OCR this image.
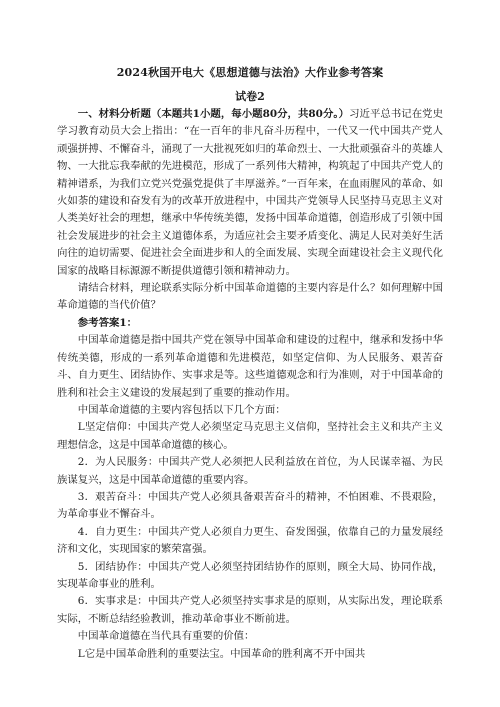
2024秋国开电大《思想道德与法治》大作业参考答案

试卷2

一、材料分析题（本题共1小题，每小题80分，共80分。）习近平总书记在党史学习教育动员大会上指出：“在一百年的非凡奋斗历程中，一代又一代中国共产党人顽强拼搏、不懈奋斗，涌现了一大批视死如归的革命烈士、一大批顽强奋斗的英雄人物、一大批忘我奉献的先进模范，形成了一系列伟大精神，构筑起了中国共产党人的精神谱系，为我们立党兴党强党提供了丰厚滋养。”一百年来，在血雨腥风的革命、如火如荼的建设和奋发有为的改革开放进程中，中国共产党领导人民坚持马克思主义对人类美好社会的理想，继承中华传统美德，发扬中国革命道德，创造形成了引领中国社会发展进步的社会主义道德体系，为适应社会主要矛盾变化、满足人民对美好生活向往的迫切需要、促进社会全面进步和人的全面发展、实现全面建设社会主义现代化国家的战略目标源源不断提供道德引领和精神动力。

请结合材料，理论联系实际分析中国革命道德的主要内容是什么？如何理解中国革命道德的当代价值？

参考答案1：

中国革命道德是指中国共产党在领导中国革命和建设的过程中，继承和发扬中华传统美德，形成的一系列革命道德和先进模范，如坚定信仰、为人民服务、艰苦奋斗、自力更生、团结协作、实事求是等。这些道德观念和行为准则，对于中国革命的胜利和社会主义建设的发展起到了重要的推动作用。

中国革命道德的主要内容包括以下几个方面：

L坚定信仰：中国共产党人必须坚定马克思主义信仰，坚持社会主义和共产主义理想信念，这是中国革命道德的核心。

2．为人民服务：中国共产党人必须把人民利益放在首位，为人民谋幸福、为民族谋复兴，这是中国革命道德的重要内容。

3．艰苦奋斗：中国共产党人必须具备艰苦奋斗的精神，不怕困难、不畏艰险，为革命事业不懈奋斗。

4．自力更生：中国共产党人必须自力更生、奋发图强，依靠自己的力量发展经济和文化，实现国家的繁荣富强。

5．团结协作：中国共产党人必须坚持团结协作的原则，顾全大局、协同作战，实现革命事业的胜利。

6．实事求是：中国共产党人必须坚持实事求是的原则，从实际出发，理论联系实际，不断总结经验教训，推动革命事业不断前进。

中国革命道德在当代具有重要的价值：

L它是中国革命胜利的重要法宝。中国革命的胜利离不开中国共
